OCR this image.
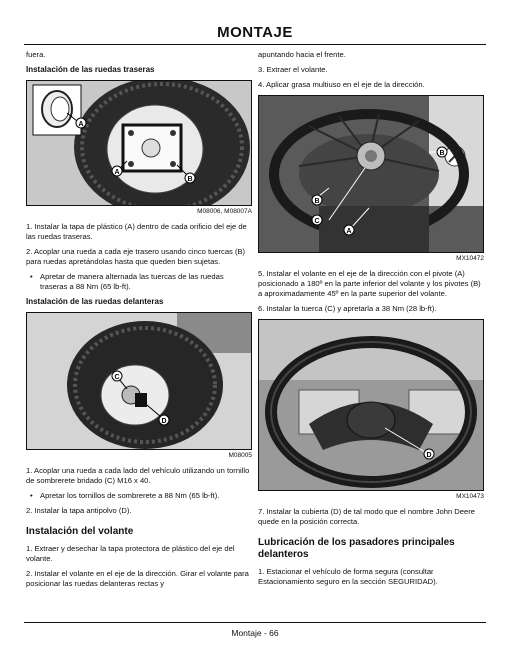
MONTAJE

fuera.

Instalación de las ruedas traseras
A
A
B
M08006, M08007A

1. Instalar la tapa de plástico (A) dentro de cada orificio del eje de las ruedas traseras.

2. Acoplar una rueda a cada eje trasero usando cinco tuercas (B) para ruedas apretándolas hasta que queden bien sujetas.

• Apretar de manera alternada las tuercas de las ruedas traseras a 88 Nm (65 lb-ft).

Instalación de las ruedas delanteras
C
D
M08005

1. Acoplar una rueda a cada lado del vehículo utilizando un tornillo de sombrerete bridado (C) M16 x 40.

• Apretar los tornillos de sombrerete a 88 Nm (65 lb-ft).

2. Instalar la tapa antipolvo (D).

Instalación del volante

1. Extraer y desechar la tapa protectora de plástico del eje del volante.

2. Instalar el volante en el eje de la dirección. Girar el volante para posicionar las ruedas delanteras rectas y

apuntando hacia el frente.

3. Extraer el volante.

4. Aplicar grasa multiuso en el eje de la dirección.

B
C
A
B
MX10472

5. Instalar el volante en el eje de la dirección con el pivote (A) posicionado a 180º en la parte inferior del volante y los pivotes (B) a aproximadamente 45º en la parte superior del volante.

6. Instalar la tuerca (C) y apretarla a 38 Nm (28 lb-ft).

D
MX10473

7. Instalar la cubierta (D) de tal modo que el nombre John Deere quede en la posición correcta.

Lubricación de los pasadores principales delanteros

1. Estacionar el vehículo de forma segura (consultar Estacionamiento seguro en la sección SEGURIDAD).

Montaje - 66
